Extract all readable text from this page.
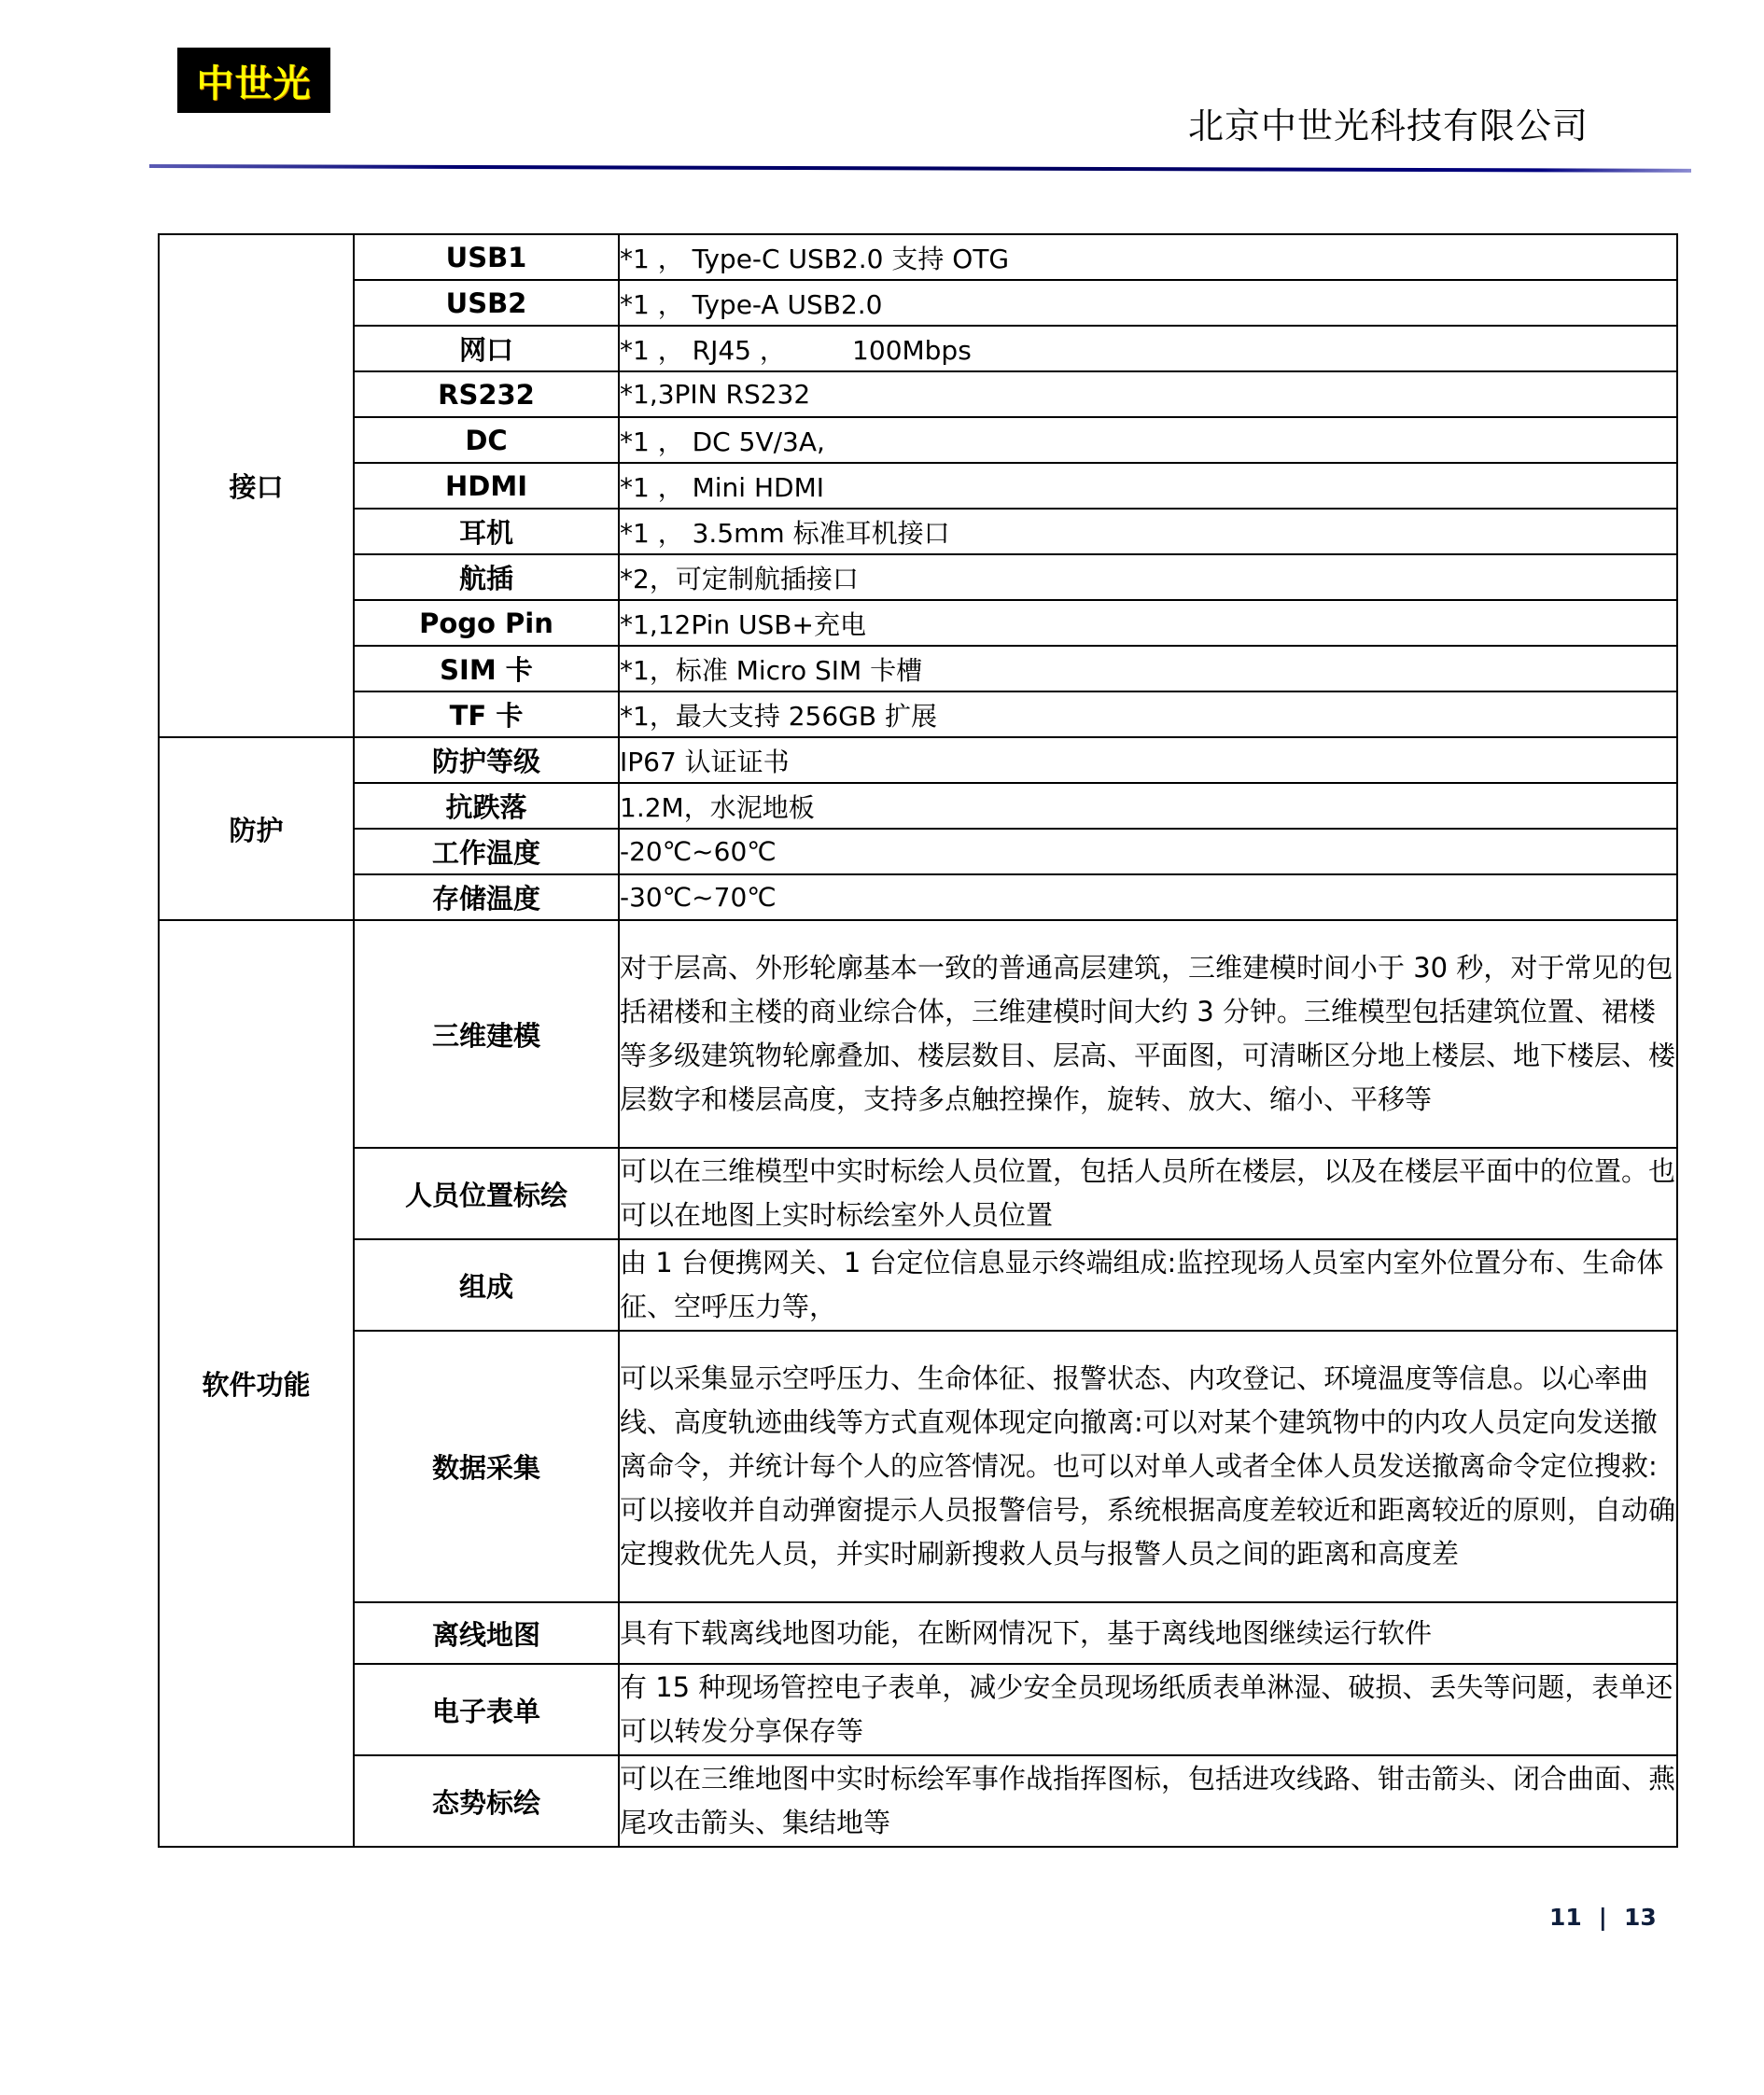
中世光
北京中世光科技有限公司
接口	USB1	*1 ， Type-C USB2.0 支持 OTG
	USB2	*1 ， Type-A USB2.0
	网口	*1 ， RJ45 ，        100Mbps
	RS232	*1,3PIN RS232
	DC	*1 ， DC 5V/3A,
	HDMI	*1 ， Mini HDMI
	耳机	*1 ， 3.5mm 标准耳机接口
	航插	*2，可定制航插接口
	Pogo Pin	*1,12Pin USB+充电
	SIM 卡	*1，标准 Micro SIM 卡槽
	TF 卡	*1，最大支持 256GB 扩展
防护	防护等级	IP67 认证证书
	抗跌落	1.2M，水泥地板
	工作温度	-20℃~60℃
	存储温度	-30℃~70℃
软件功能	三维建模	对于层高、外形轮廓基本一致的普通高层建筑，三维建模时间小于 30 秒，对于常见的包括裙楼和主楼的商业综合体，三维建模时间大约 3 分钟。三维模型包括建筑位置、裙楼等多级建筑物轮廓叠加、楼层数目、层高、平面图，可清晰区分地上楼层、地下楼层、楼层数字和楼层高度，支持多点触控操作，旋转、放大、缩小、平移等
	人员位置标绘	可以在三维模型中实时标绘人员位置，包括人员所在楼层，以及在楼层平面中的位置。也可以在地图上实时标绘室外人员位置
	组成	由 1 台便携网关、1 台定位信息显示终端组成:监控现场人员室内室外位置分布、生命体征、空呼压力等，
	数据采集	可以采集显示空呼压力、生命体征、报警状态、内攻登记、环境温度等信息。以心率曲线、高度轨迹曲线等方式直观体现定向撤离:可以对某个建筑物中的内攻人员定向发送撤离命令，并统计每个人的应答情况。也可以对单人或者全体人员发送撤离命令定位搜救:可以接收并自动弹窗提示人员报警信号，系统根据高度差较近和距离较近的原则，自动确定搜救优先人员，并实时刷新搜救人员与报警人员之间的距离和高度差
	离线地图	具有下载离线地图功能，在断网情况下，基于离线地图继续运行软件
	电子表单	有 15 种现场管控电子表单，减少安全员现场纸质表单淋湿、破损、丢失等问题，表单还可以转发分享保存等
	态势标绘	可以在三维地图中实时标绘军事作战指挥图标，包括进攻线路、钳击箭头、闭合曲面、燕尾攻击箭头、集结地等
11 | 13
